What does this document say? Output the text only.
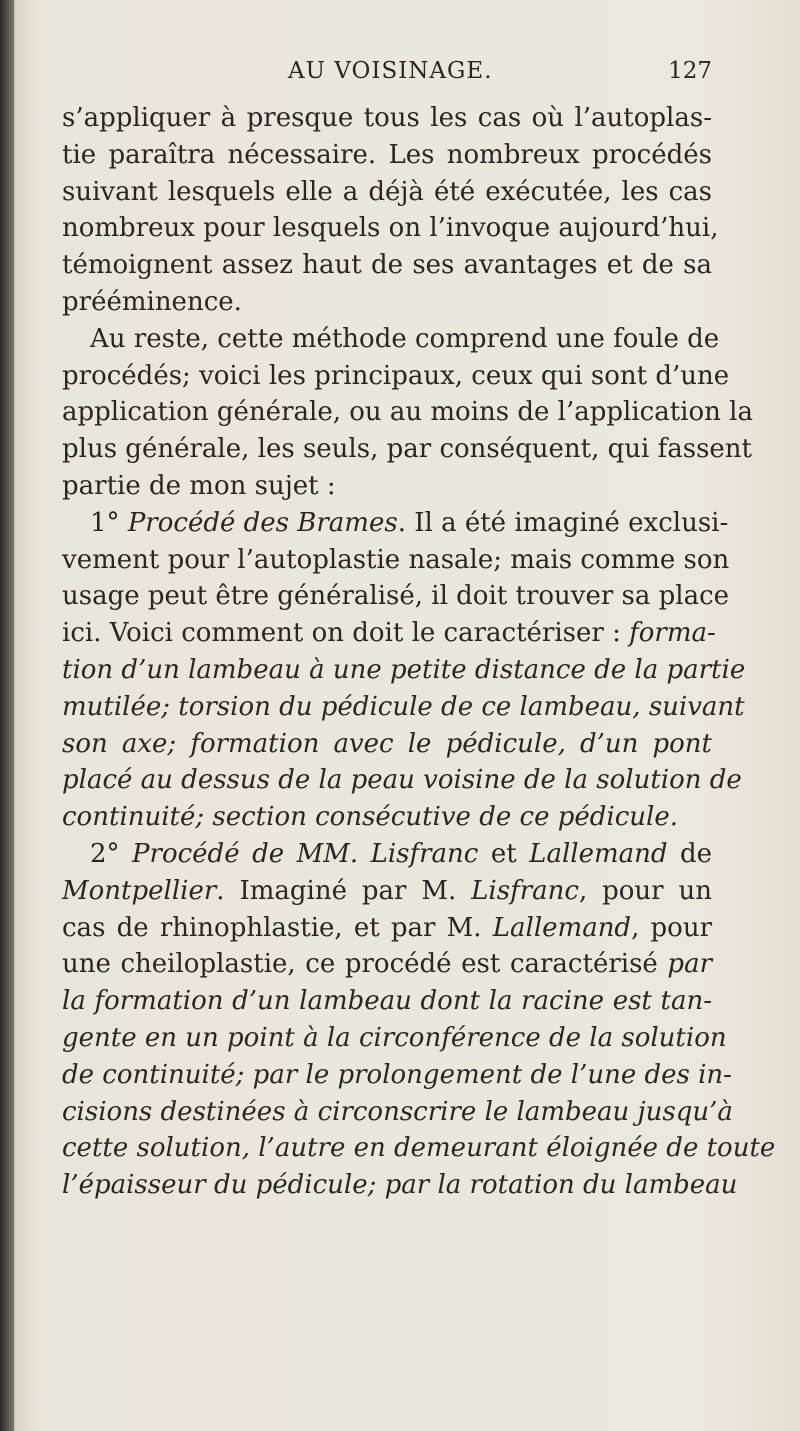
AU VOISINAGE.	127
s’appliquer à presque tous les cas où l’autoplas-
tie paraîtra nécessaire. Les nombreux procédés
suivant lesquels elle a déjà été exécutée, les cas
nombreux pour lesquels on l’invoque aujourd’hui,
témoignent assez haut de ses avantages et de sa
prééminence.
Au reste, cette méthode comprend une foule de
procédés; voici les principaux, ceux qui sont d’une
application générale, ou au moins de l’application la
plus générale, les seuls, par conséquent, qui fassent
partie de mon sujet :
1° Procédé des Brames. Il a été imaginé exclusi-
vement pour l’autoplastie nasale; mais comme son
usage peut être généralisé, il doit trouver sa place
ici. Voici comment on doit le caractériser : forma-
tion d’un lambeau à une petite distance de la partie
mutilée; torsion du pédicule de ce lambeau, suivant
son axe; formation avec le pédicule, d’un pont
placé au dessus de la peau voisine de la solution de
continuité; section consécutive de ce pédicule.
2° Procédé de MM. Lisfranc et Lallemand de
Montpellier. Imaginé par M. Lisfranc, pour un
cas de rhinophlastie, et par M. Lallemand, pour
une cheiloplastie, ce procédé est caractérisé par
la formation d’un lambeau dont la racine est tan-
gente en un point à la circonférence de la solution
de continuité; par le prolongement de l’une des in-
cisions destinées à circonscrire le lambeau jusqu’à
cette solution, l’autre en demeurant éloignée de toute
l’épaisseur du pédicule; par la rotation du lambeau
